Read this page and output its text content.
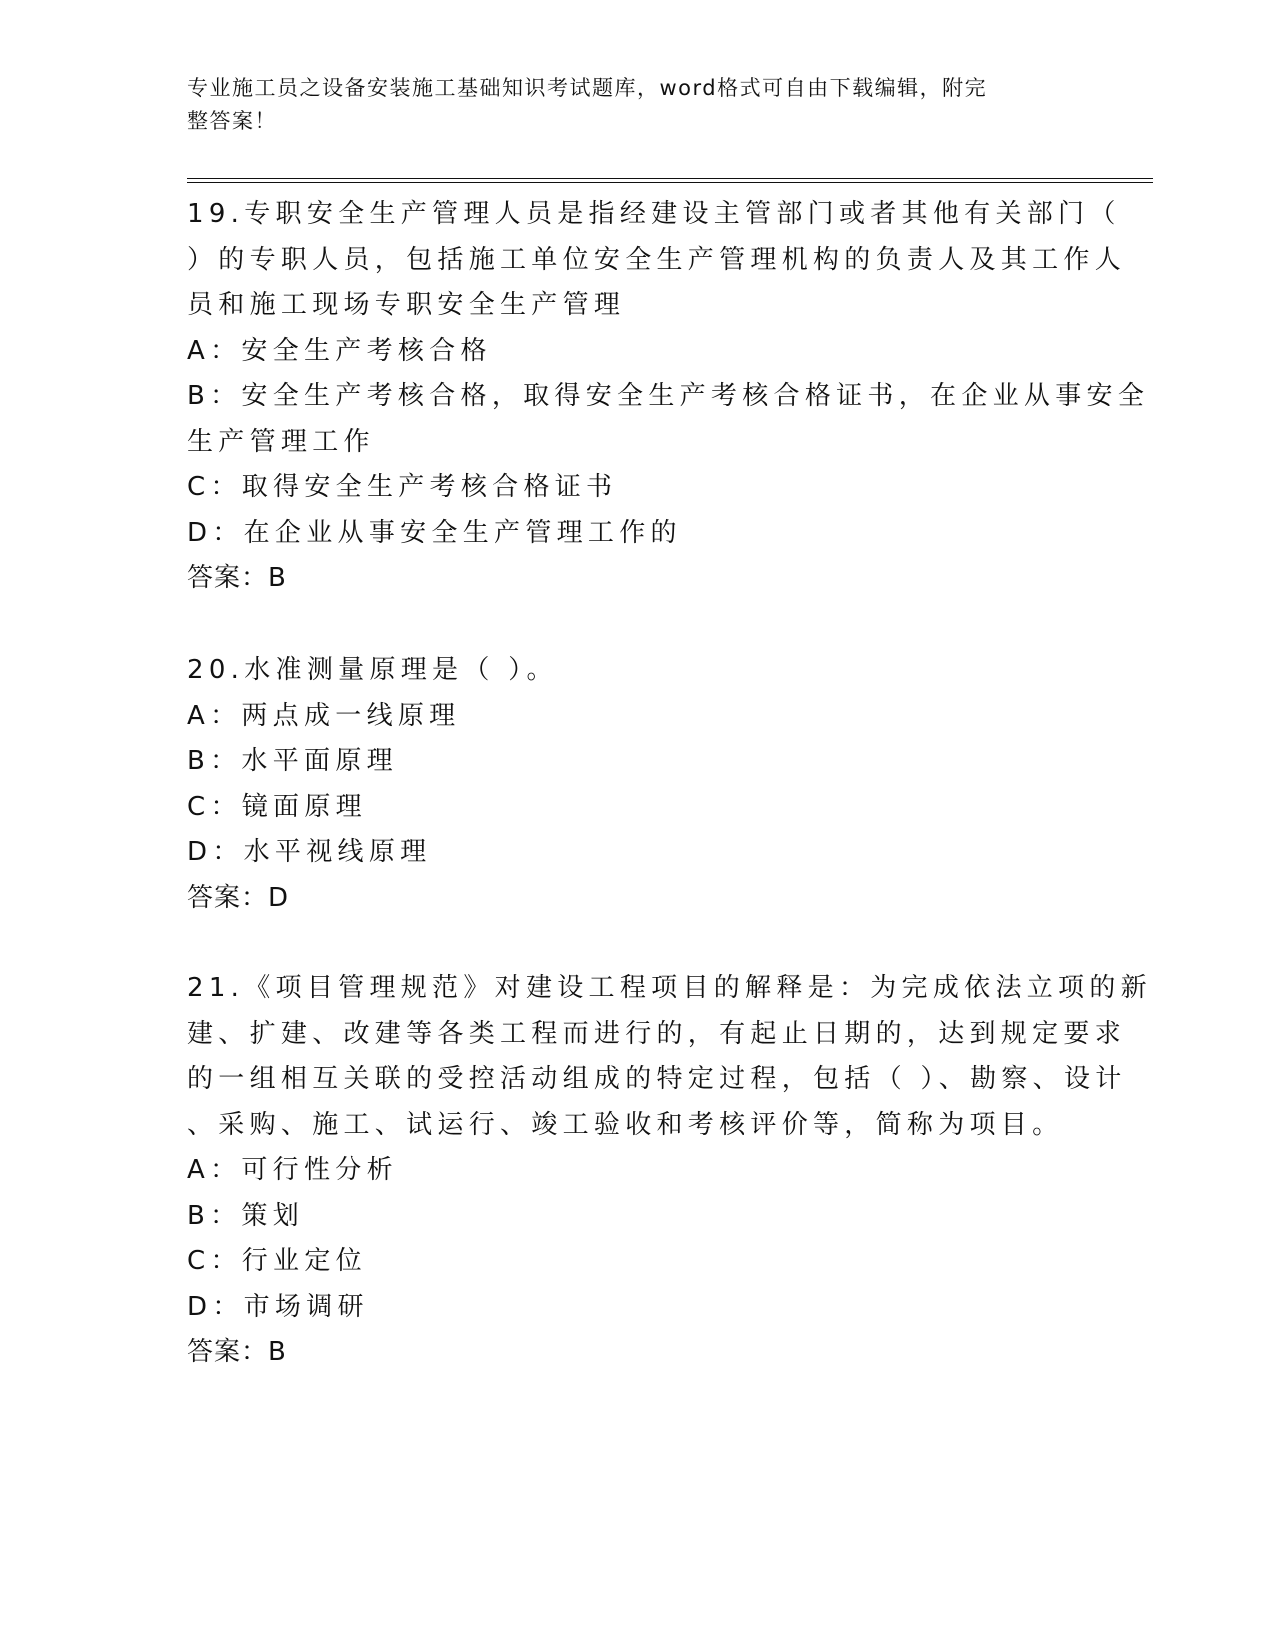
专业施工员之设备安装施工基础知识考试题库，word格式可自由下载编辑，附完
整答案！
19.专职安全生产管理人员是指经建设主管部门或者其他有关部门（
）的专职人员，包括施工单位安全生产管理机构的负责人及其工作人
员和施工现场专职安全生产管理
A：安全生产考核合格
B：安全生产考核合格，取得安全生产考核合格证书，在企业从事安全
生产管理工作
C：取得安全生产考核合格证书
D：在企业从事安全生产管理工作的
答案：B
20.水准测量原理是（ ）。
A：两点成一线原理
B：水平面原理
C：镜面原理
D：水平视线原理
答案：D
21.《项目管理规范》对建设工程项目的解释是：为完成依法立项的新
建、扩建、改建等各类工程而进行的，有起止日期的，达到规定要求
的一组相互关联的受控活动组成的特定过程，包括（ ）、勘察、设计
、采购、施工、试运行、竣工验收和考核评价等，简称为项目。
A：可行性分析
B：策划
C：行业定位
D：市场调研
答案：B
